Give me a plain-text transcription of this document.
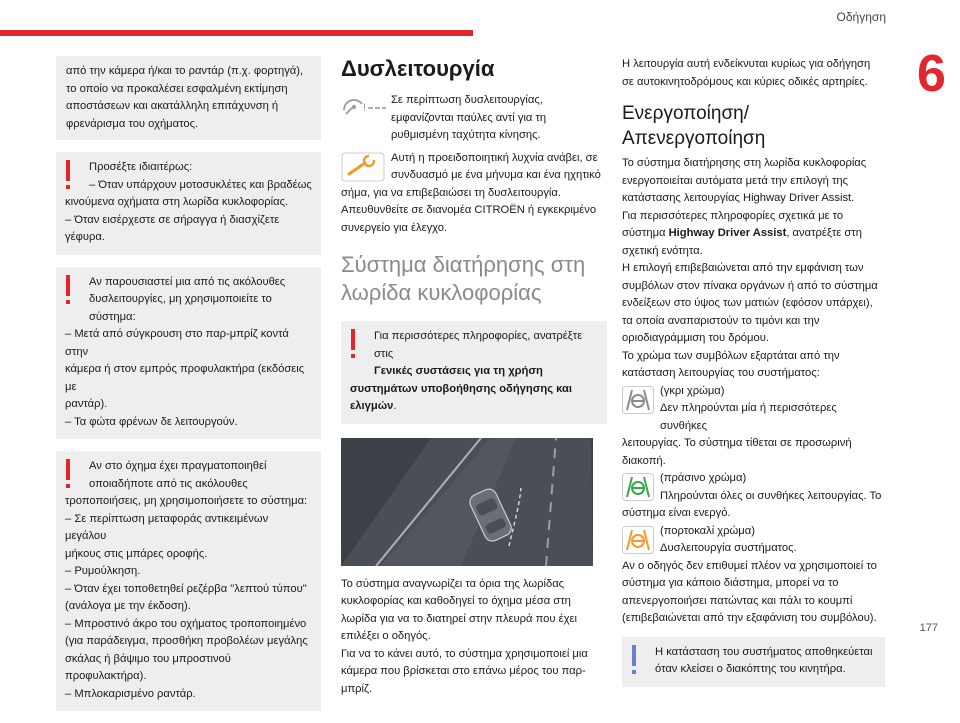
Οδήγηση
6
177

από την κάμερα ή/και το ραντάρ (π.χ. φορτηγά), το οποίο να προκαλέσει εσφαλμένη εκτίμηση αποστάσεων και ακατάλληλη επιτάχυνση ή φρενάρισμα του οχήματος.

Προσέξτε ιδιαιτέρως:

– Όταν υπάρχουν μοτοσυκλέτες και βραδέως

κινούμενα οχήματα στη λωρίδα κυκλοφορίας.

– Όταν εισέρχεστε σε σήραγγα ή διασχίζετε

γέφυρα.

Αν παρουσιαστεί μια από τις ακόλουθες

δυσλειτουργίες, μη χρησιμοποιείτε το σύστημα:

– Μετά από σύγκρουση στο παρ-μπρίζ κοντά στην

κάμερα ή στον εμπρός προφυλακτήρα (εκδόσεις με

ραντάρ).

– Τα φώτα φρένων δε λειτουργούν.

Αν στο όχημα έχει πραγματοποιηθεί

οποιαδήποτε από τις ακόλουθες

τροποποιήσεις, μη χρησιμοποιήσετε το σύστημα:

– Σε περίπτωση μεταφοράς αντικειμένων μεγάλου

μήκους στις μπάρες οροφής.

– Ρυμούλκηση.

– Όταν έχει τοποθετηθεί ρεζέρβα "λεπτού τύπου"

(ανάλογα με την έκδοση).

– Μπροστινό άκρο του οχήματος τροποποιημένο

(για παράδειγμα, προσθήκη προβολέων μεγάλης

σκάλας ή βάψιμο του μπροστινού προφυλακτήρα).

– Μπλοκαρισμένο ραντάρ.

Δυσλειτουργία
!

Σε περίπτωση δυσλειτουργίας,

εμφανίζονται παύλες αντί για τη

ρυθμισμένη ταχύτητα κίνησης.

Αυτή η προειδοποιητική λυχνία ανάβει, σε

συνδυασμό με ένα μήνυμα και ένα ηχητικό

σήμα, για να επιβεβαιώσει τη δυσλειτουργία. Απευθυνθείτε σε διανομέα CITROËN ή εγκεκριμένο συνεργείο για έλεγχο.

Σύστημα διατήρησης στη
λωρίδα κυκλοφορίας

Για περισσότερες πληροφορίες, ανατρέξτε στις

Γενικές συστάσεις για τη χρήση

συστημάτων υποβοήθησης οδήγησης και

ελιγμών.

Το σύστημα αναγνωρίζει τα όρια της λωρίδας κυκλοφορίας και καθοδηγεί το όχημα μέσα στη λωρίδα για να το διατηρεί στην πλευρά που έχει επιλέξει ο οδηγός.

Για να το κάνει αυτό, το σύστημα χρησιμοποιεί μια κάμερα που βρίσκεται στο επάνω μέρος του παρ-μπρίζ.

Η λειτουργία αυτή ενδείκνυται κυρίως για οδήγηση σε αυτοκινητοδρόμους και κύριες οδικές αρτηρίες.

Ενεργοποίηση/
Απενεργοποίηση

Το σύστημα διατήρησης στη λωρίδα κυκλοφορίας ενεργοποιείται αυτόματα μετά την επιλογή της κατάστασης λειτουργίας Highway Driver Assist.

Για περισσότερες πληροφορίες σχετικά με το σύστημα Highway Driver Assist, ανατρέξτε στη σχετική ενότητα.

Η επιλογή επιβεβαιώνεται από την εμφάνιση των συμβόλων στον πίνακα οργάνων ή από το σύστημα ενδείξεων στο ύψος των ματιών (εφόσον υπάρχει), τα οποία αναπαριστούν το τιμόνι και την οριοδιαγράμμιση του δρόμου.

Το χρώμα των συμβόλων εξαρτάται από την κατάσταση λειτουργίας του συστήματος:

(γκρι χρώμα)

Δεν πληρούνται μία ή περισσότερες συνθήκες

λειτουργίας. Το σύστημα τίθεται σε προσωρινή διακοπή.

(πράσινο χρώμα)

Πληρούνται όλες οι συνθήκες λειτουργίας. Το

σύστημα είναι ενεργό.

(πορτοκαλί χρώμα)

Δυσλειτουργία συστήματος.

Αν ο οδηγός δεν επιθυμεί πλέον να χρησιμοποιεί το σύστημα για κάποιο διάστημα, μπορεί να το απενεργοποιήσει πατώντας και πάλι το κουμπί (επιβεβαιώνεται από την εξαφάνιση του συμβόλου).

Η κατάσταση του συστήματος αποθηκεύεται

όταν κλείσει ο διακόπτης του κινητήρα.
